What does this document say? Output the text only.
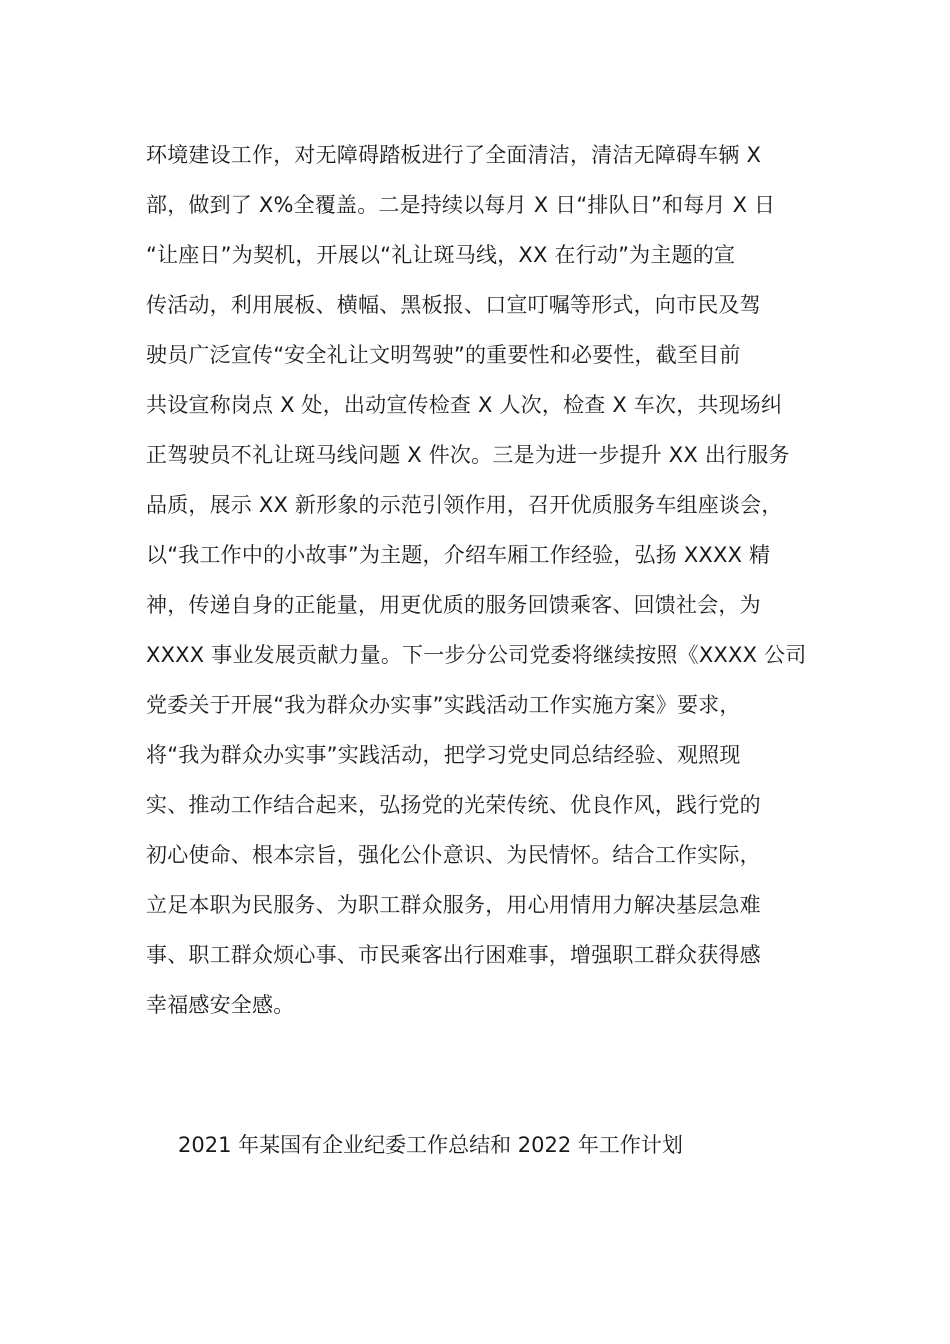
环境建设工作，对无障碍踏板进行了全面清洁，清洁无障碍车辆 X
部，做到了 X%全覆盖。二是持续以每月 X 日“排队日”和每月 X 日
“让座日”为契机，开展以“礼让斑马线，XX 在行动”为主题的宣
传活动，利用展板、横幅、黑板报、口宣叮嘱等形式，向市民及驾
驶员广泛宣传“安全礼让文明驾驶”的重要性和必要性，截至目前
共设宣称岗点 X 处，出动宣传检查 X 人次，检查 X 车次，共现场纠
正驾驶员不礼让斑马线问题 X 件次。三是为进一步提升 XX 出行服务
品质，展示 XX 新形象的示范引领作用，召开优质服务车组座谈会，
以“我工作中的小故事”为主题，介绍车厢工作经验，弘扬 XXXX 精
神，传递自身的正能量，用更优质的服务回馈乘客、回馈社会，为
XXXX 事业发展贡献力量。下一步分公司党委将继续按照《XXXX 公司
党委关于开展“我为群众办实事”实践活动工作实施方案》要求，
将“我为群众办实事”实践活动，把学习党史同总结经验、观照现
实、推动工作结合起来，弘扬党的光荣传统、优良作风，践行党的
初心使命、根本宗旨，强化公仆意识、为民情怀。结合工作实际，
立足本职为民服务、为职工群众服务，用心用情用力解决基层急难
事、职工群众烦心事、市民乘客出行困难事，增强职工群众获得感
幸福感安全感。
2021 年某国有企业纪委工作总结和 2022 年工作计划
